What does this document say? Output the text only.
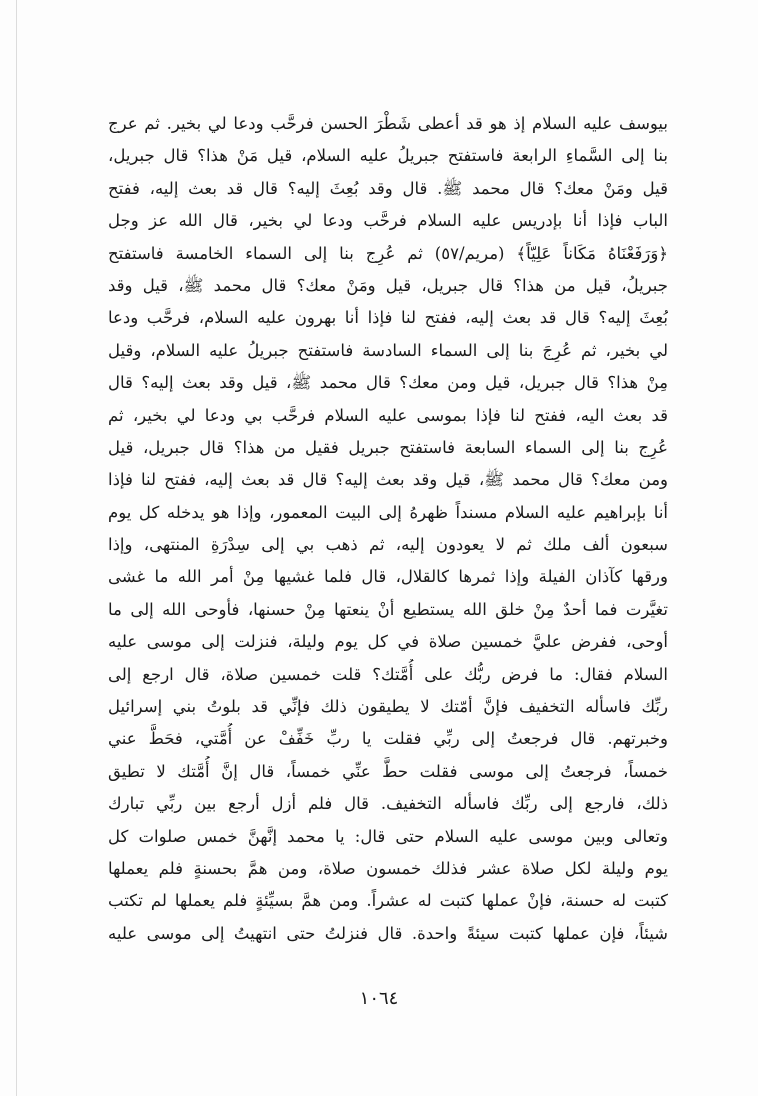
بيوسف عليه السلام إذ هو قد أعطى شَطْرَ الحسن فرحَّب ودعا لي بخير. ثم عرج
بنا إلى السَّماءِ الرابعة فاستفتح جبريلُ عليه السلام، قيل مَنْ هذا؟ قال جبريل،
قيل ومَنْ معك؟ قال محمد ﷺ. قال وقد بُعِثَ إليه؟ قال قد بعث إليه، ففتح
الباب فإذا أنا بإدريس عليه السلام فرحَّب ودعا لي بخير، قال الله عز وجل
﴿وَرَفَعْنَاهُ مَكَاناً عَلِيّاً﴾ (مريم/٥٧) ثم عُرِج بنا إلى السماء الخامسة فاستفتح
جبريلُ، قيل من هذا؟ قال جبريل، قيل ومَنْ معك؟ قال محمد ﷺ، قيل وقد
بُعِثَ إليه؟ قال قد بعث إليه، ففتح لنا فإذا أنا بهرون عليه السلام، فرحَّب ودعا
لي بخير، ثم عُرِجَ بنا إلى السماء السادسة فاستفتح جبريلُ عليه السلام، وقيل
مِنْ هذا؟ قال جبريل، قيل ومن معك؟ قال محمد ﷺ، قيل وقد بعث إليه؟ قال
قد بعث اليه، ففتح لنا فإذا بموسى عليه السلام فرحَّب بي ودعا لي بخير، ثم
عُرِج بنا إلى السماء السابعة فاستفتح جبريل فقيل من هذا؟ قال جبريل، قيل
ومن معك؟ قال محمد ﷺ، قيل وقد بعث إليه؟ قال قد بعث إليه، ففتح لنا فإذا
أنا بإبراهيم عليه السلام مسنداً ظهرهُ إلى البيت المعمور، وإذا هو يدخله كل يوم
سبعون ألف ملك ثم لا يعودون إليه، ثم ذهب بي إلى سِدْرَةِ المنتهى، وإذا
ورقها كآذان الفيلة وإذا ثمرها كالقلال، قال فلما غشيها مِنْ أمر الله ما غشى
تغيَّرت فما أحدٌ مِنْ خلق الله يستطيع أنْ ينعتها مِنْ حسنها، فأوحى الله إلى ما
أوحى، ففرض عليَّ خمسين صلاة في كل يوم وليلة، فنزلت إلى موسى عليه
السلام فقال: ما فرض ربُّك على أُمَّتك؟ قلت خمسين صلاة، قال ارجع إلى
ربِّك فاسأله التخفيف فإنَّ أمّتك لا يطيقون ذلك فإنِّي قد بلوتُ بني إسرائيل
وخبرتهم. قال فرجعتُ إلى ربِّي فقلت يا ربِّ خَفِّفْ عن أُمَّتي، فحَطَّ عني
خمساً، فرجعتُ إلى موسى فقلت حطَّ عنِّي خمساً، قال إنَّ أُمَّتك لا تطيق
ذلك، فارجع إلى ربِّك فاسأله التخفيف. قال فلم أزل أرجع بين ربِّي تبارك
وتعالى وبين موسى عليه السلام حتى قال: يا محمد إنَّهنَّ خمس صلوات كل
يوم وليلة لكل صلاة عشر فذلك خمسون صلاة، ومن همَّ بحسنةٍ فلم يعملها
كتبت له حسنة، فإنْ عملها كتبت له عشراً. ومن همَّ بسيِّئةٍ فلم يعملها لم تكتب
شيئاً، فإن عملها كتبت سيئةً واحدة. قال فنزلتُ حتى انتهيتُ إلى موسى عليه
١٠٦٤
